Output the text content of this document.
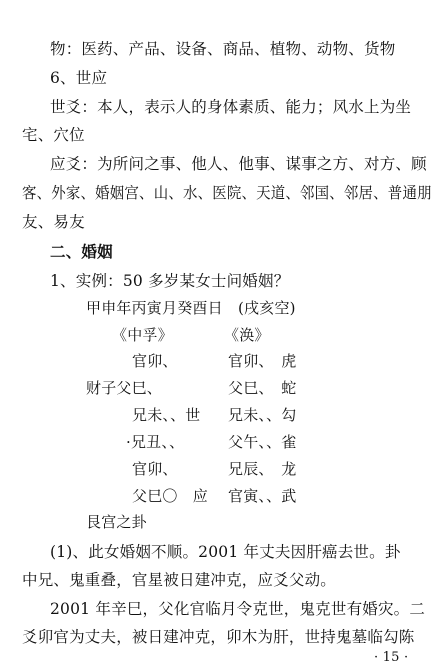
物：医药、产品、设备、商品、植物、动物、货物
6、世应
世爻：本人，表示人的身体素质、能力；风水上为坐
宅、穴位
应爻：为所问之事、他人、他事、谋事之方、对方、顾
客、外家、婚姻宫、山、水、医院、天道、邻国、邻居、普通朋
友、易友
二、婚姻
1、实例：50 多岁某女士问婚姻？
甲申年丙寅月癸酉日　(戌亥空)
《中孚》	《涣》
官卯、	官卯、　虎
财子父巳、	父巳、　蛇
兄未、、世 兄未、、勾
·兄丑、、	父午、、雀
官卯、	兄辰、　龙
父巳〇　应 官寅、、武
艮宫之卦
(1)、此女婚姻不顺。2001 年丈夫因肝癌去世。卦
中兄、鬼重叠，官星被日建冲克，应爻父动。
2001 年辛巳，父化官临月令克世，鬼克世有婚灾。二
爻卯官为丈夫，被日建冲克，卯木为肝，世持鬼墓临勾陈
· 15 ·
